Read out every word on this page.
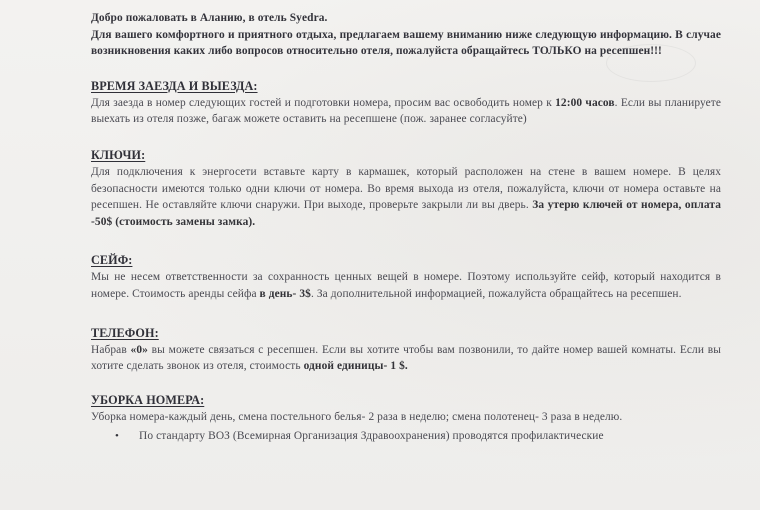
Добро пожаловать в Аланию, в отель Syedra.

Для вашего комфортного и приятного отдыха, предлагаем вашему вниманию ниже следующую информацию. В случае возникновения каких либо вопросов относительно отеля, пожалуйста обращайтесь ТОЛЬКО на ресепшен!!!

ВРЕМЯ ЗАЕЗДА И ВЫЕЗДА:

Для заезда в номер следующих гостей и подготовки номера, просим вас освободить номер к 12:00 часов. Если вы планируете выехать из отеля позже, багаж можете оставить на ресепшене (пож. заранее согласуйте)

КЛЮЧИ:

Для подключения к энергосети вставьте карту в кармашек, который расположен на стене в вашем номере. В целях безопасности имеются только одни ключи от номера. Во время выхода из отеля, пожалуйста, ключи от номера оставьте на ресепшен. Не оставляйте ключи снаружи. При выходе, проверьте закрыли ли вы дверь. За утерю ключей от номера, оплата -50$ (стоимость замены замка).

СЕЙФ:

Мы не несем ответственности за сохранность ценных вещей в номере. Поэтому используйте сейф, который находится в номере. Стоимость аренды сейфа в день- 3$. За дополнительной информацией, пожалуйста обращайтесь на ресепшен.

ТЕЛЕФОН:

Набрав «0» вы можете связаться с ресепшен. Если вы хотите чтобы вам позвонили, то дайте номер вашей комнаты. Если вы хотите сделать звонок из отеля, стоимость одной единицы- 1 $.

УБОРКА НОМЕРА:

Уборка номера-каждый день, смена постельного белья- 2 раза в неделю; смена полотенец- 3 раза в неделю.

• По стандарту ВОЗ (Всемирная Организация Здравоохранения) проводятся профилактические
